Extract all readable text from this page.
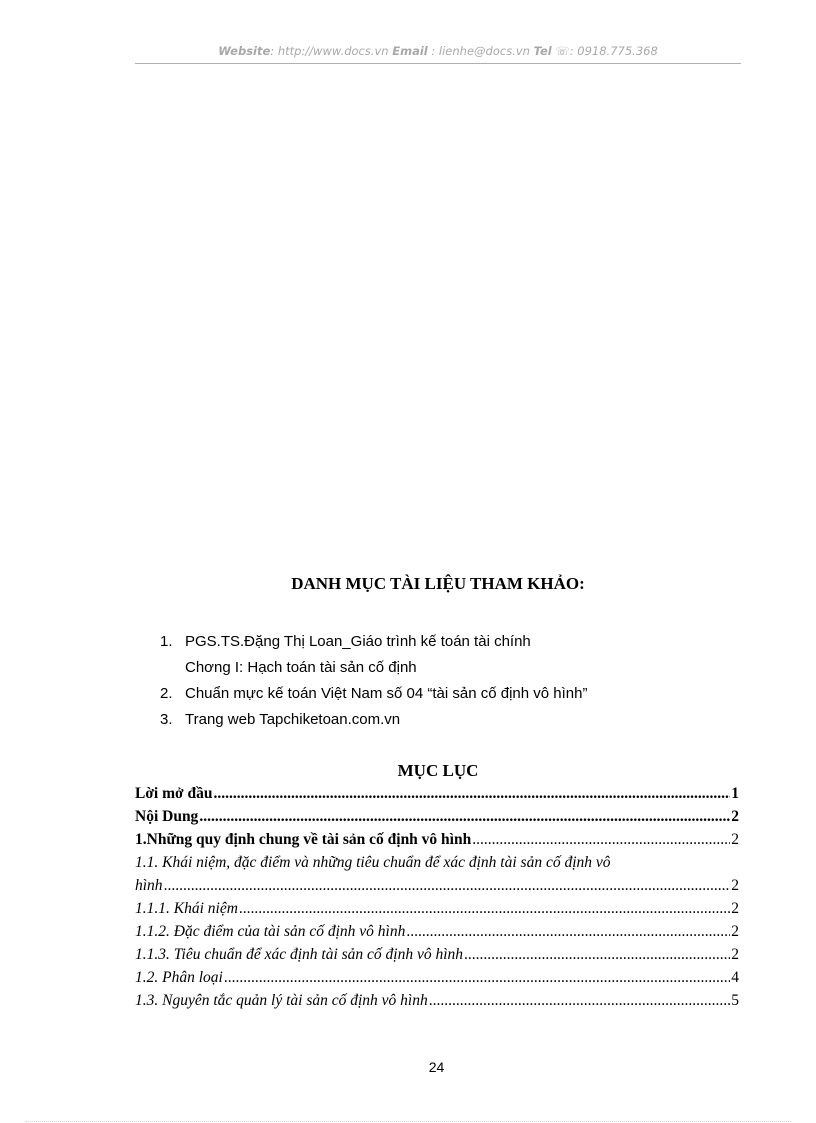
Website: http://www.docs.vn Email : lienhe@docs.vn Tel ☏: 0918.775.368
DANH MỤC TÀI LIỆU THAM KHẢO:
1. PGS.TS.Đặng Thị Loan_Giáo trình kế toán tài chính
Chơng I: Hạch toán tài sản cố định
2. Chuẩn mực kế toán Việt Nam số 04 “tài sản cố định vô hình”
3. Trang web Tapchiketoan.com.vn
MỤC LỤC
Lời mở đầu .....	1
Nội Dung .....	2
1.Những quy định chung về tài sản cố định vô hình .....	2
1.1. Khái niệm, đặc điểm và những tiêu chuẩn để xác định tài sản cố định vô
hình .....	2
1.1.1. Khái niệm .....	2
1.1.2. Đặc điểm của tài sản cố định vô hình .....	2
1.1.3. Tiêu chuẩn để xác định tài sản cố định vô hình .....	2
1.2. Phân loại .....	4
1.3. Nguyên tắc quản lý tài sản cố định vô hình .....	5
24
